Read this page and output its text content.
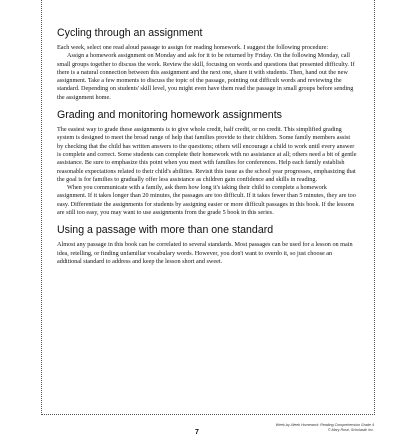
Cycling through an assignment

Each week, select one read aloud passage to assign for reading homework. I suggest the following procedure:

Assign a homework assignment on Monday and ask for it to be returned by Friday. On the following Monday, call small groups together to discuss the work. Review the skill, focusing on words and questions that presented difficulty. If there is a natural connection between this assignment and the next one, share it with students. Then, hand out the new assignment. Take a few moments to discuss the topic of the passage, pointing out difficult words and reviewing the standard. Depending on students' skill level, you might even have them read the passage in small groups before sending the assignment home.

Grading and monitoring homework assignments

The easiest way to grade these assignments is to give whole credit, half credit, or no credit. This simplified grading system is designed to meet the broad range of help that families provide to their children. Some family members assist by checking that the child has written answers to the questions; others will encourage a child to work until every answer is complete and correct. Some students can complete their homework with no assistance at all; others need a bit of gentle assistance. Be sure to emphasize this point when you meet with families for conferences. Help each family establish reasonable expectations related to their child's abilities. Revisit this issue as the school year progresses, emphasizing that the goal is for families to gradually offer less assistance as children gain confidence and skills in reading.

When you communicate with a family, ask them how long it's taking their child to complete a homework assignment. If it takes longer than 20 minutes, the passages are too difficult. If it takes fewer than 5 minutes, they are too easy. Differentiate the assignments for students by assigning easier or more difficult passages in this book. If the lessons are still too easy, you may want to use assignments from the grade 5 book in this series.

Using a passage with more than one standard

Almost any passage in this book can be correlated to several standards. Most passages can be used for a lesson on main idea, retelling, or finding unfamiliar vocabulary words. However, you don't want to overdo it, so just choose an additional standard to address and keep the lesson short and sweet.

7
Week-by-Week Homework: Reading Comprehension Grade 4
© Mary Rose, Scholastic Inc.
